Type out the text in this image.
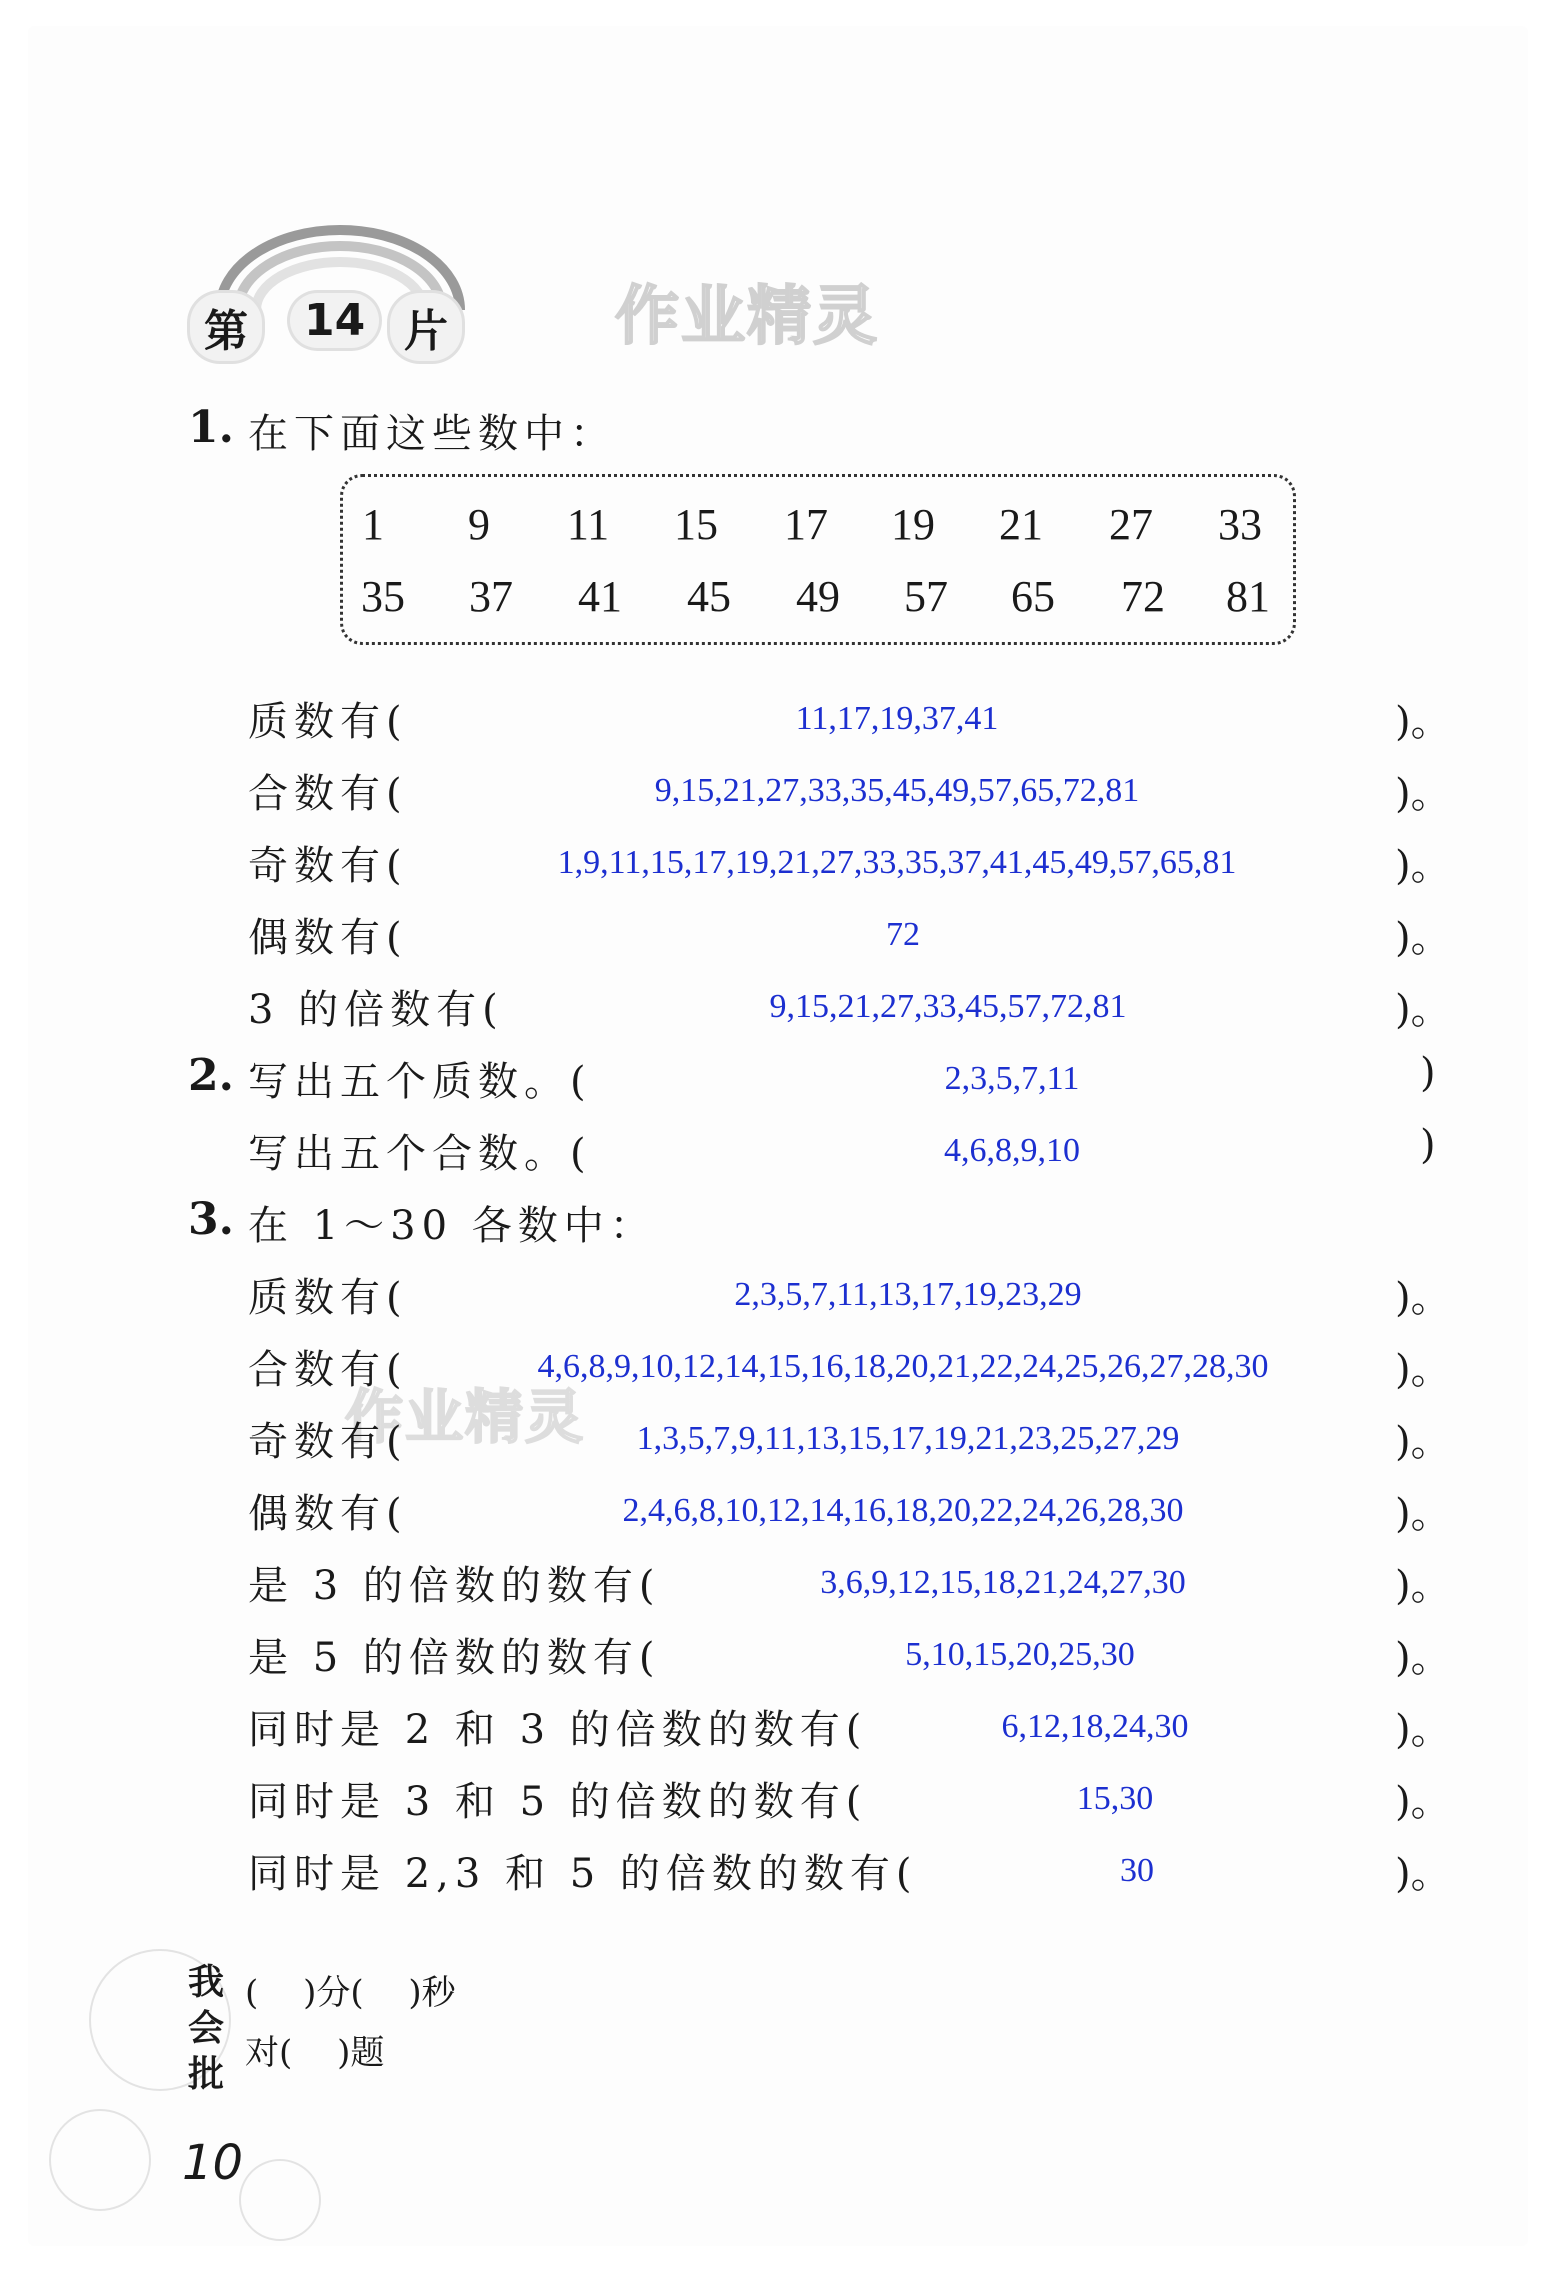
第	14 片	作业精灵
作业精灵
1. 在下面这些数中：
1 9 11 15 17 19 21 27 33
35 37 41 45 49 57 65 72 81
质数有(	11,17,19,37,41	)。
合数有(	9,15,21,27,33,35,45,49,57,65,72,81	)。
奇数有(	1,9,11,15,17,19,21,27,33,35,37,41,45,49,57,65,81	)。
偶数有(	72	)。
3 的倍数有(	9,15,21,27,33,45,57,72,81	)。
2. 写出五个质数。(	2,3,5,7,11	)
写出五个合数。(	4,6,8,9,10	)
3. 在 1～30 各数中：
质数有(	2,3,5,7,11,13,17,19,23,29	)。
合数有(	4,6,8,9,10,12,14,15,16,18,20,21,22,24,25,26,27,28,30	)。
奇数有(	1,3,5,7,9,11,13,15,17,19,21,23,25,27,29	)。
偶数有(	2,4,6,8,10,12,14,16,18,20,22,24,26,28,30	)。
是 3 的倍数的数有(	3,6,9,12,15,18,21,24,27,30	)。
是 5 的倍数的数有(	5,10,15,20,25,30	)。
同时是 2 和 3 的倍数的数有(	6,12,18,24,30	)。
同时是 3 和 5 的倍数的数有(	15,30	)。
同时是 2,3 和 5 的倍数的数有(	30	)。
我会批
(　 )分(　 )秒
对(　 )题
10
